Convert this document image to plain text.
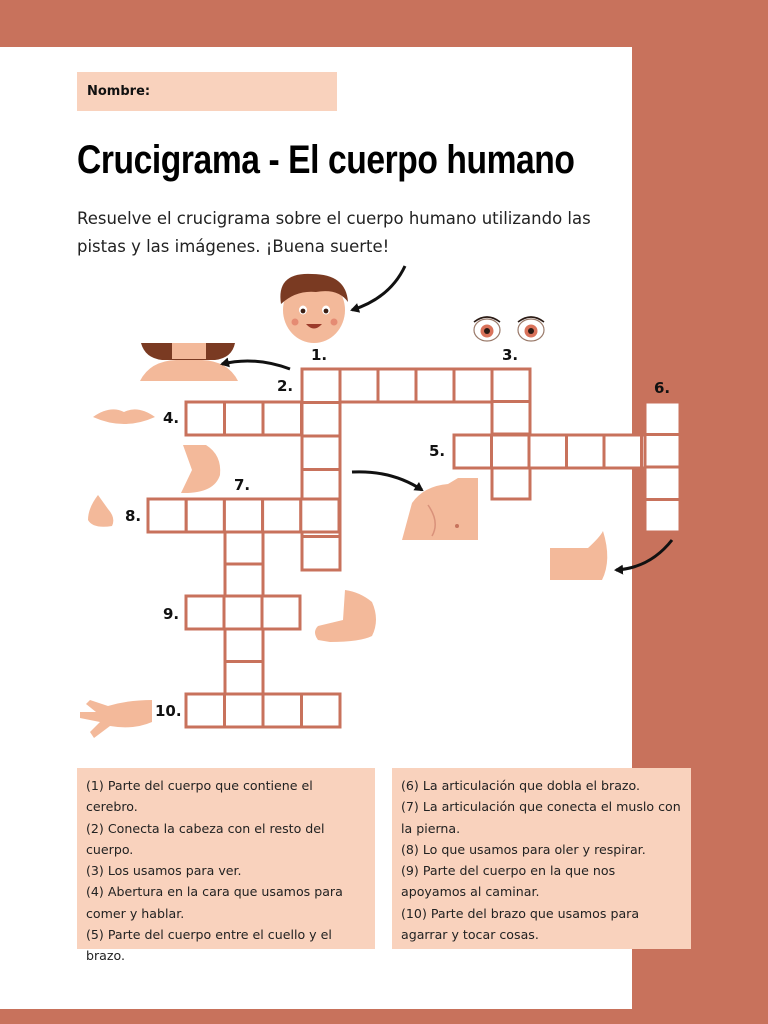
Nombre:
Crucigrama - El cuerpo humano

Resuelve el crucigrama sobre el cuerpo humano utilizando las pistas y las imágenes. ¡Buena suerte!

1.
2.
3.
4.
5.
6.
7.
8.
9.
10.
(1) Parte del cuerpo que contiene el cerebro.
(2) Conecta la cabeza con el resto del cuerpo.
(3) Los usamos para ver.
(4) Abertura en la cara que usamos para comer y hablar.
(5) Parte del cuerpo entre el cuello y el brazo.
(6) La articulación que dobla el brazo.
(7) La articulación que conecta el muslo con la pierna.
(8) Lo que usamos para oler y respirar.
(9) Parte del cuerpo en la que nos apoyamos al caminar.
(10) Parte del brazo que usamos para agarrar y tocar cosas.
